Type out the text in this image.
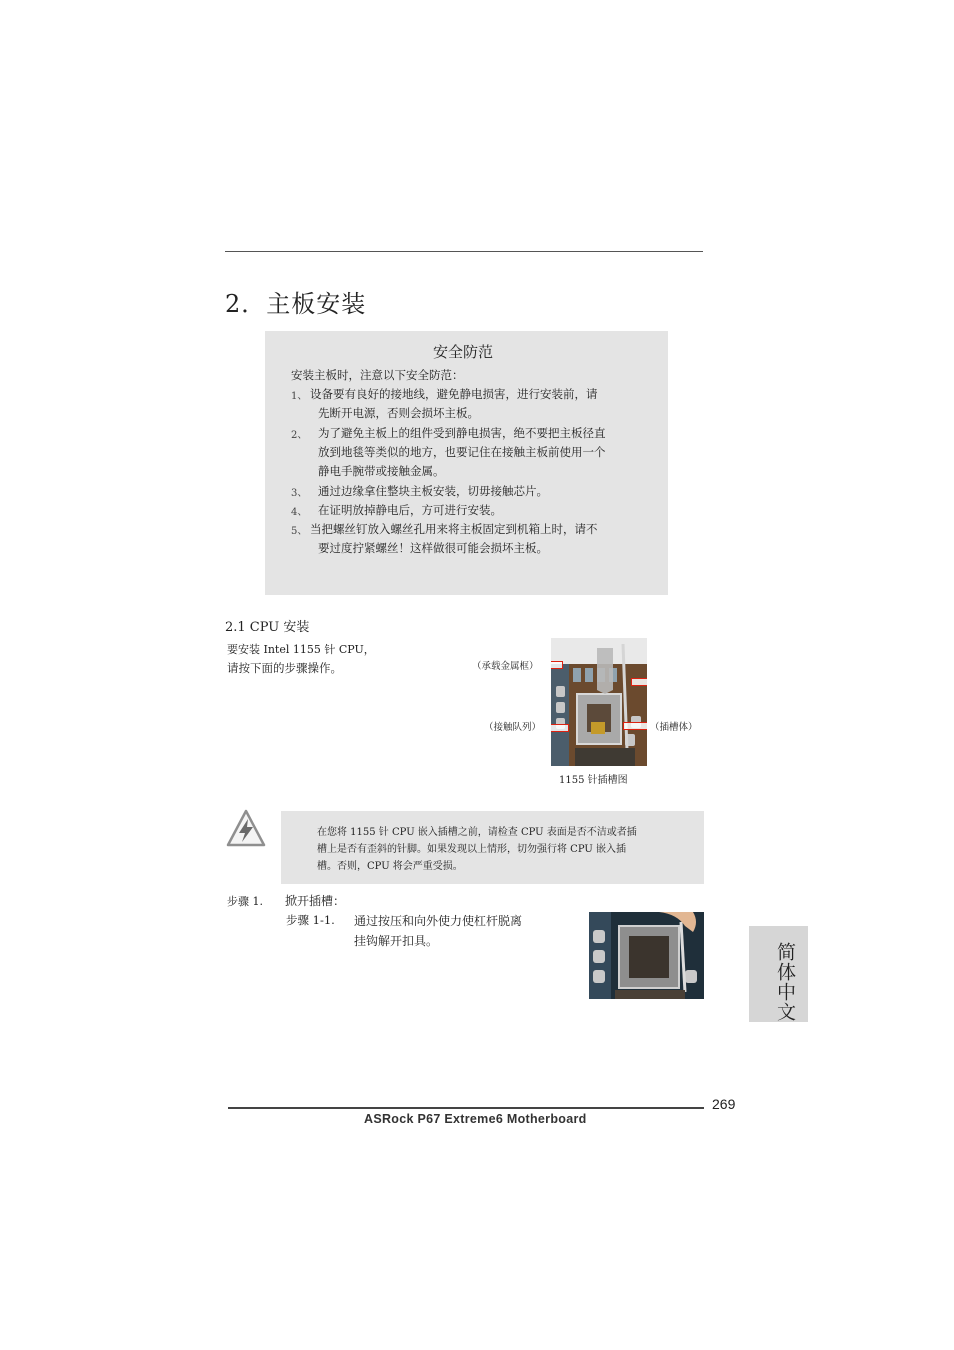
2．主板安装
安全防范
安装主板时，注意以下安全防范：
1、 设备要有良好的接地线，避免静电损害，进行安装前，请
先断开电源，否则会损坏主板。
2、 为了避免主板上的组件受到静电损害，绝不要把主板径直
放到地毯等类似的地方，也要记住在接触主板前使用一个
静电手腕带或接触金属。
3、 通过边缘拿住整块主板安装，切毋接触芯片。
4、 在证明放掉静电后，方可进行安装。
5、 当把螺丝钉放入螺丝孔用来将主板固定到机箱上时，请不
要过度拧紧螺丝！这样做很可能会损坏主板。
2.1 CPU 安装
要安装 Intel 1155 针 CPU，
请按下面的步骤操作。	（承载金属框）
（接触队列）	（插槽体）
1155 针插槽图
在您将 1155 针 CPU 嵌入插槽之前，请检查 CPU 表面是否不洁或者插
槽上是否有歪斜的针脚。如果发现以上情形，切勿强行将 CPU 嵌入插
槽。否则，CPU 将会严重受损。
步骤 1. 掀开插槽：
步骤 1-1. 通过按压和向外使力使杠杆脱离
挂钩解开扣具。
简体中文
269
ASRock P67 Extreme6 Motherboard
